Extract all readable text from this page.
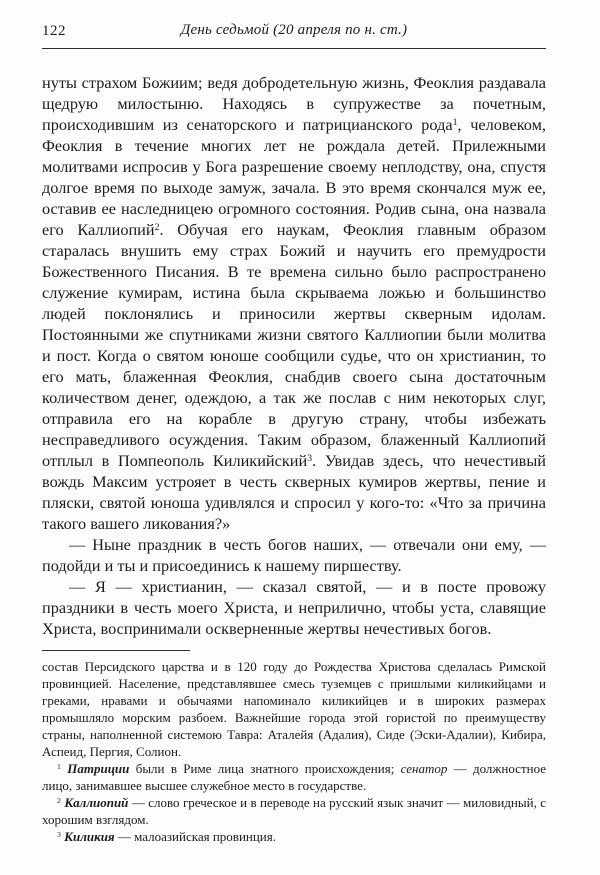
122	День седьмой (20 апреля по н. ст.)

нуты страхом Божиим; ведя добродетельную жизнь, Феоклия раздавала щедрую милостыню. Находясь в супружестве за почетным, происходившим из сенаторского и патрицианского рода$^1$, человеком, Феоклия в течение многих лет не рождала детей. Прилежными молитвами испросив у Бога разрешение своему неплодству, она, спустя долгое время по выходе замуж, зачала. В это время скончался муж ее, оставив ее наследницею огромного состояния. Родив сына, она назвала его Каллиопий$^2$. Обучая его наукам, Феоклия главным образом старалась внушить ему страх Божий и научить его премудрости Божественного Писания. В те времена сильно было распространено служение кумирам, истина была скрываема ложью и большинство людей поклонялись и приносили жертвы скверным идолам. Постоянными же спутниками жизни святого Каллиопии были молитва и пост. Когда о святом юноше сообщили судье, что он христианин, то его мать, блаженная Феоклия, снабдив своего сына достаточным количеством денег, одеждою, а так же послав с ним некоторых слуг, отправила его на корабле в другую страну, чтобы избежать несправедливого осуждения. Таким образом, блаженный Каллиопий отплыл в Помпеополь Киликийский$^3$. Увидав здесь, что нечестивый вождь Максим устрояет в честь скверных кумиров жертвы, пение и пляски, святой юноша удивлялся и спросил у кого-то: «Что за причина такого вашего ликования?»

— Ныне праздник в честь богов наших, — отвечали они ему, — подойди и ты и присоединись к нашему пиршеству.

— Я — христианин, — сказал святой, — и в посте провожу праздники в честь моего Христа, и неприлично, чтобы уста, славящие Христа, воспринимали оскверненные жертвы нечестивых богов.

состав Персидского царства и в 120 году до Рождества Христова сделалась Римской провинцией. Население, представлявшее смесь туземцев с пришлыми киликийцами и греками, нравами и обычаями напоминало киликийцев и в широких размерах промышляло морским разбоем. Важнейшие города этой гористой по преимуществу страны, наполненной системою Тавра: Аталейя (Адалия), Сиде (Эски-Адалии), Кибира, Аспеид, Пергия, Солион.

$^1$ Патриции были в Риме лица знатного происхождения; сенатор — должностное лицо, занимавшее высшее служебное место в государстве.

$^2$ Каллиопий — слово греческое и в переводе на русский язык значит — миловидный, с хорошим взглядом.

$^3$ Киликия — малоазийская провинция.
